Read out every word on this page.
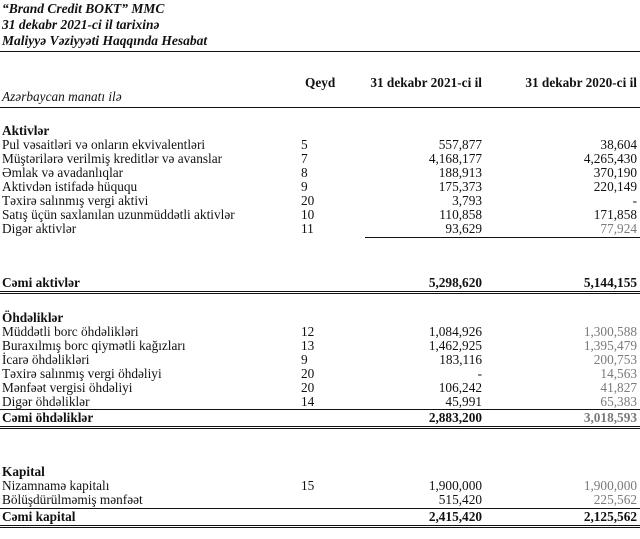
“Brand Credit BOKT” MMC
31 dekabr 2021-ci il tarixinə
Maliyyə Vəziyyəti Haqqında Hesabat
Qeyd	31 dekabr 2021-ci il	31 dekabr 2020-ci il
Azərbaycan manatı ilə
Aktivlər
Pul vəsaitləri və onların ekvivalentləri	5	557,877	38,604
Müştərilərə verilmiş kreditlər və avanslar	7	4,168,177	4,265,430
Əmlak və avadanlıqlar	8	188,913	370,190
Aktivdən istifadə hüququ	9	175,373	220,149
Təxirə salınmış vergi aktivi	20	3,793	-
Satış üçün saxlanılan uzunmüddətli aktivlər	10	110,858	171,858
Digər aktivlər	11	93,629	77,924
Cəmi aktivlər	5,298,620	5,144,155
Öhdəliklər
Müddətli borc öhdəlikləri	12	1,084,926	1,300,588
Buraxılmış borc qiymətli kağızları	13	1,462,925	1,395,479
İcarə öhdəlikləri	9	183,116	200,753
Təxirə salınmış vergi öhdəliyi	20	-	14,563
Mənfəət vergisi öhdəliyi	20	106,242	41,827
Digər öhdəliklər	14	45,991	65,383
Cəmi öhdəliklər	2,883,200	3,018,593
Kapital
Nizamnamə kapitalı	15	1,900,000	1,900,000
Bölüşdürülməmiş mənfəət	515,420	225,562
Cəmi kapital	2,415,420	2,125,562
